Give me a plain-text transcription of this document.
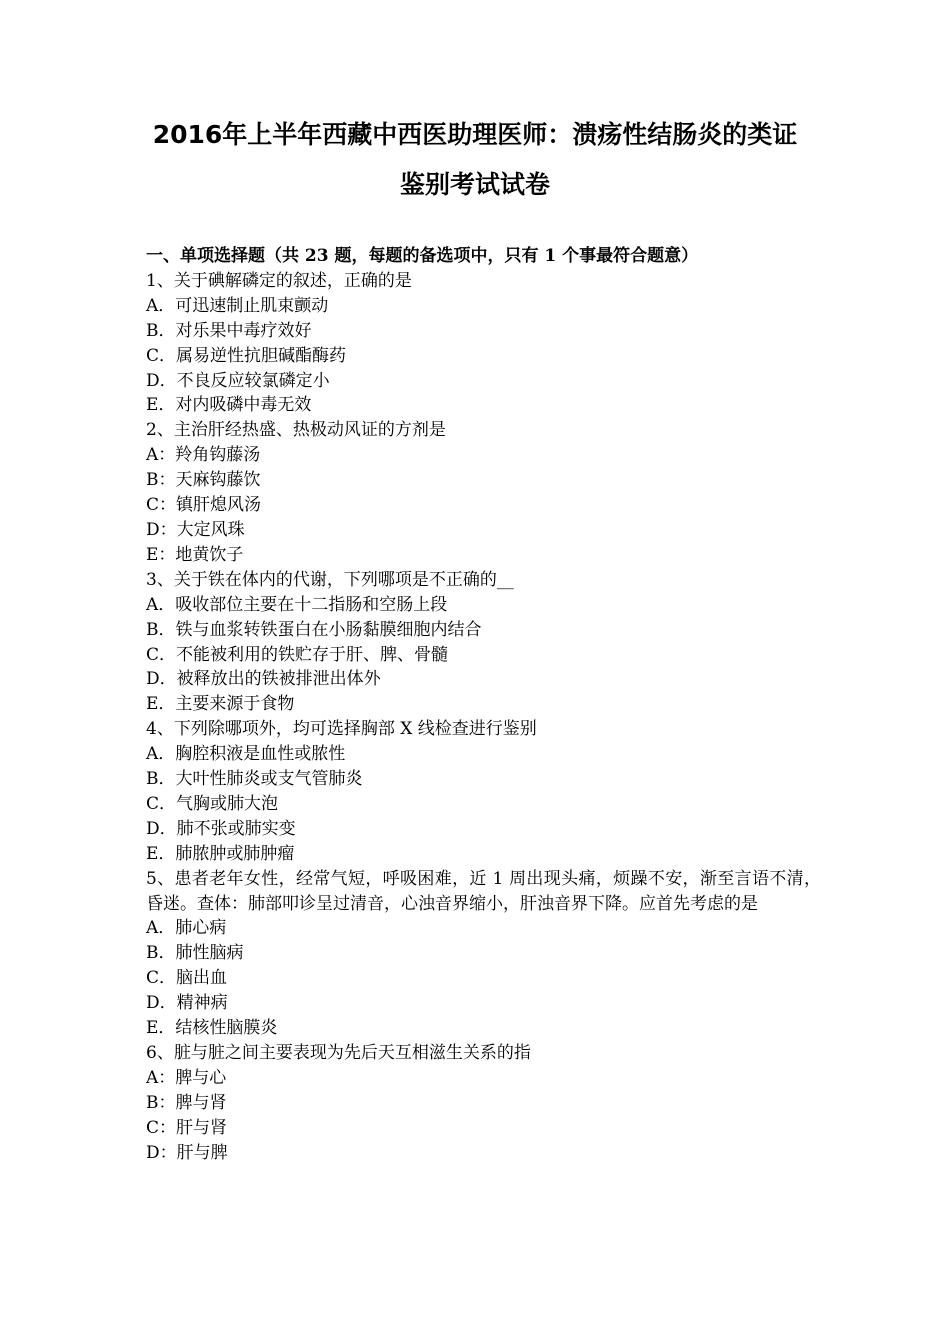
2016年上半年西藏中西医助理医师：溃疡性结肠炎的类证
鉴别考试试卷
一、单项选择题（共 23 题，每题的备选项中，只有 1 个事最符合题意）
1、关于碘解磷定的叙述，正确的是
A．可迅速制止肌束颤动
B．对乐果中毒疗效好
C．属易逆性抗胆碱酯酶药
D．不良反应较氯磷定小
E．对内吸磷中毒无效
2、主治肝经热盛、热极动风证的方剂是
A：羚角钩藤汤
B：天麻钩藤饮
C：镇肝熄风汤
D：大定风珠
E：地黄饮子
3、关于铁在体内的代谢，下列哪项是不正确的__
A．吸收部位主要在十二指肠和空肠上段
B．铁与血浆转铁蛋白在小肠黏膜细胞内结合
C．不能被利用的铁贮存于肝、脾、骨髓
D．被释放出的铁被排泄出体外
E．主要来源于食物
4、下列除哪项外，均可选择胸部 X 线检查进行鉴别
A．胸腔积液是血性或脓性
B．大叶性肺炎或支气管肺炎
C．气胸或肺大泡
D．肺不张或肺实变
E．肺脓肿或肺肿瘤
5、患者老年女性，经常气短，呼吸困难，近 1 周出现头痛，烦躁不安，渐至言语不清，昏迷。查体：肺部叩诊呈过清音，心浊音界缩小，肝浊音界下降。应首先考虑的是
A．肺心病
B．肺性脑病
C．脑出血
D．精神病
E．结核性脑膜炎
6、脏与脏之间主要表现为先后天互相滋生关系的指
A：脾与心
B：脾与肾
C：肝与肾
D：肝与脾
